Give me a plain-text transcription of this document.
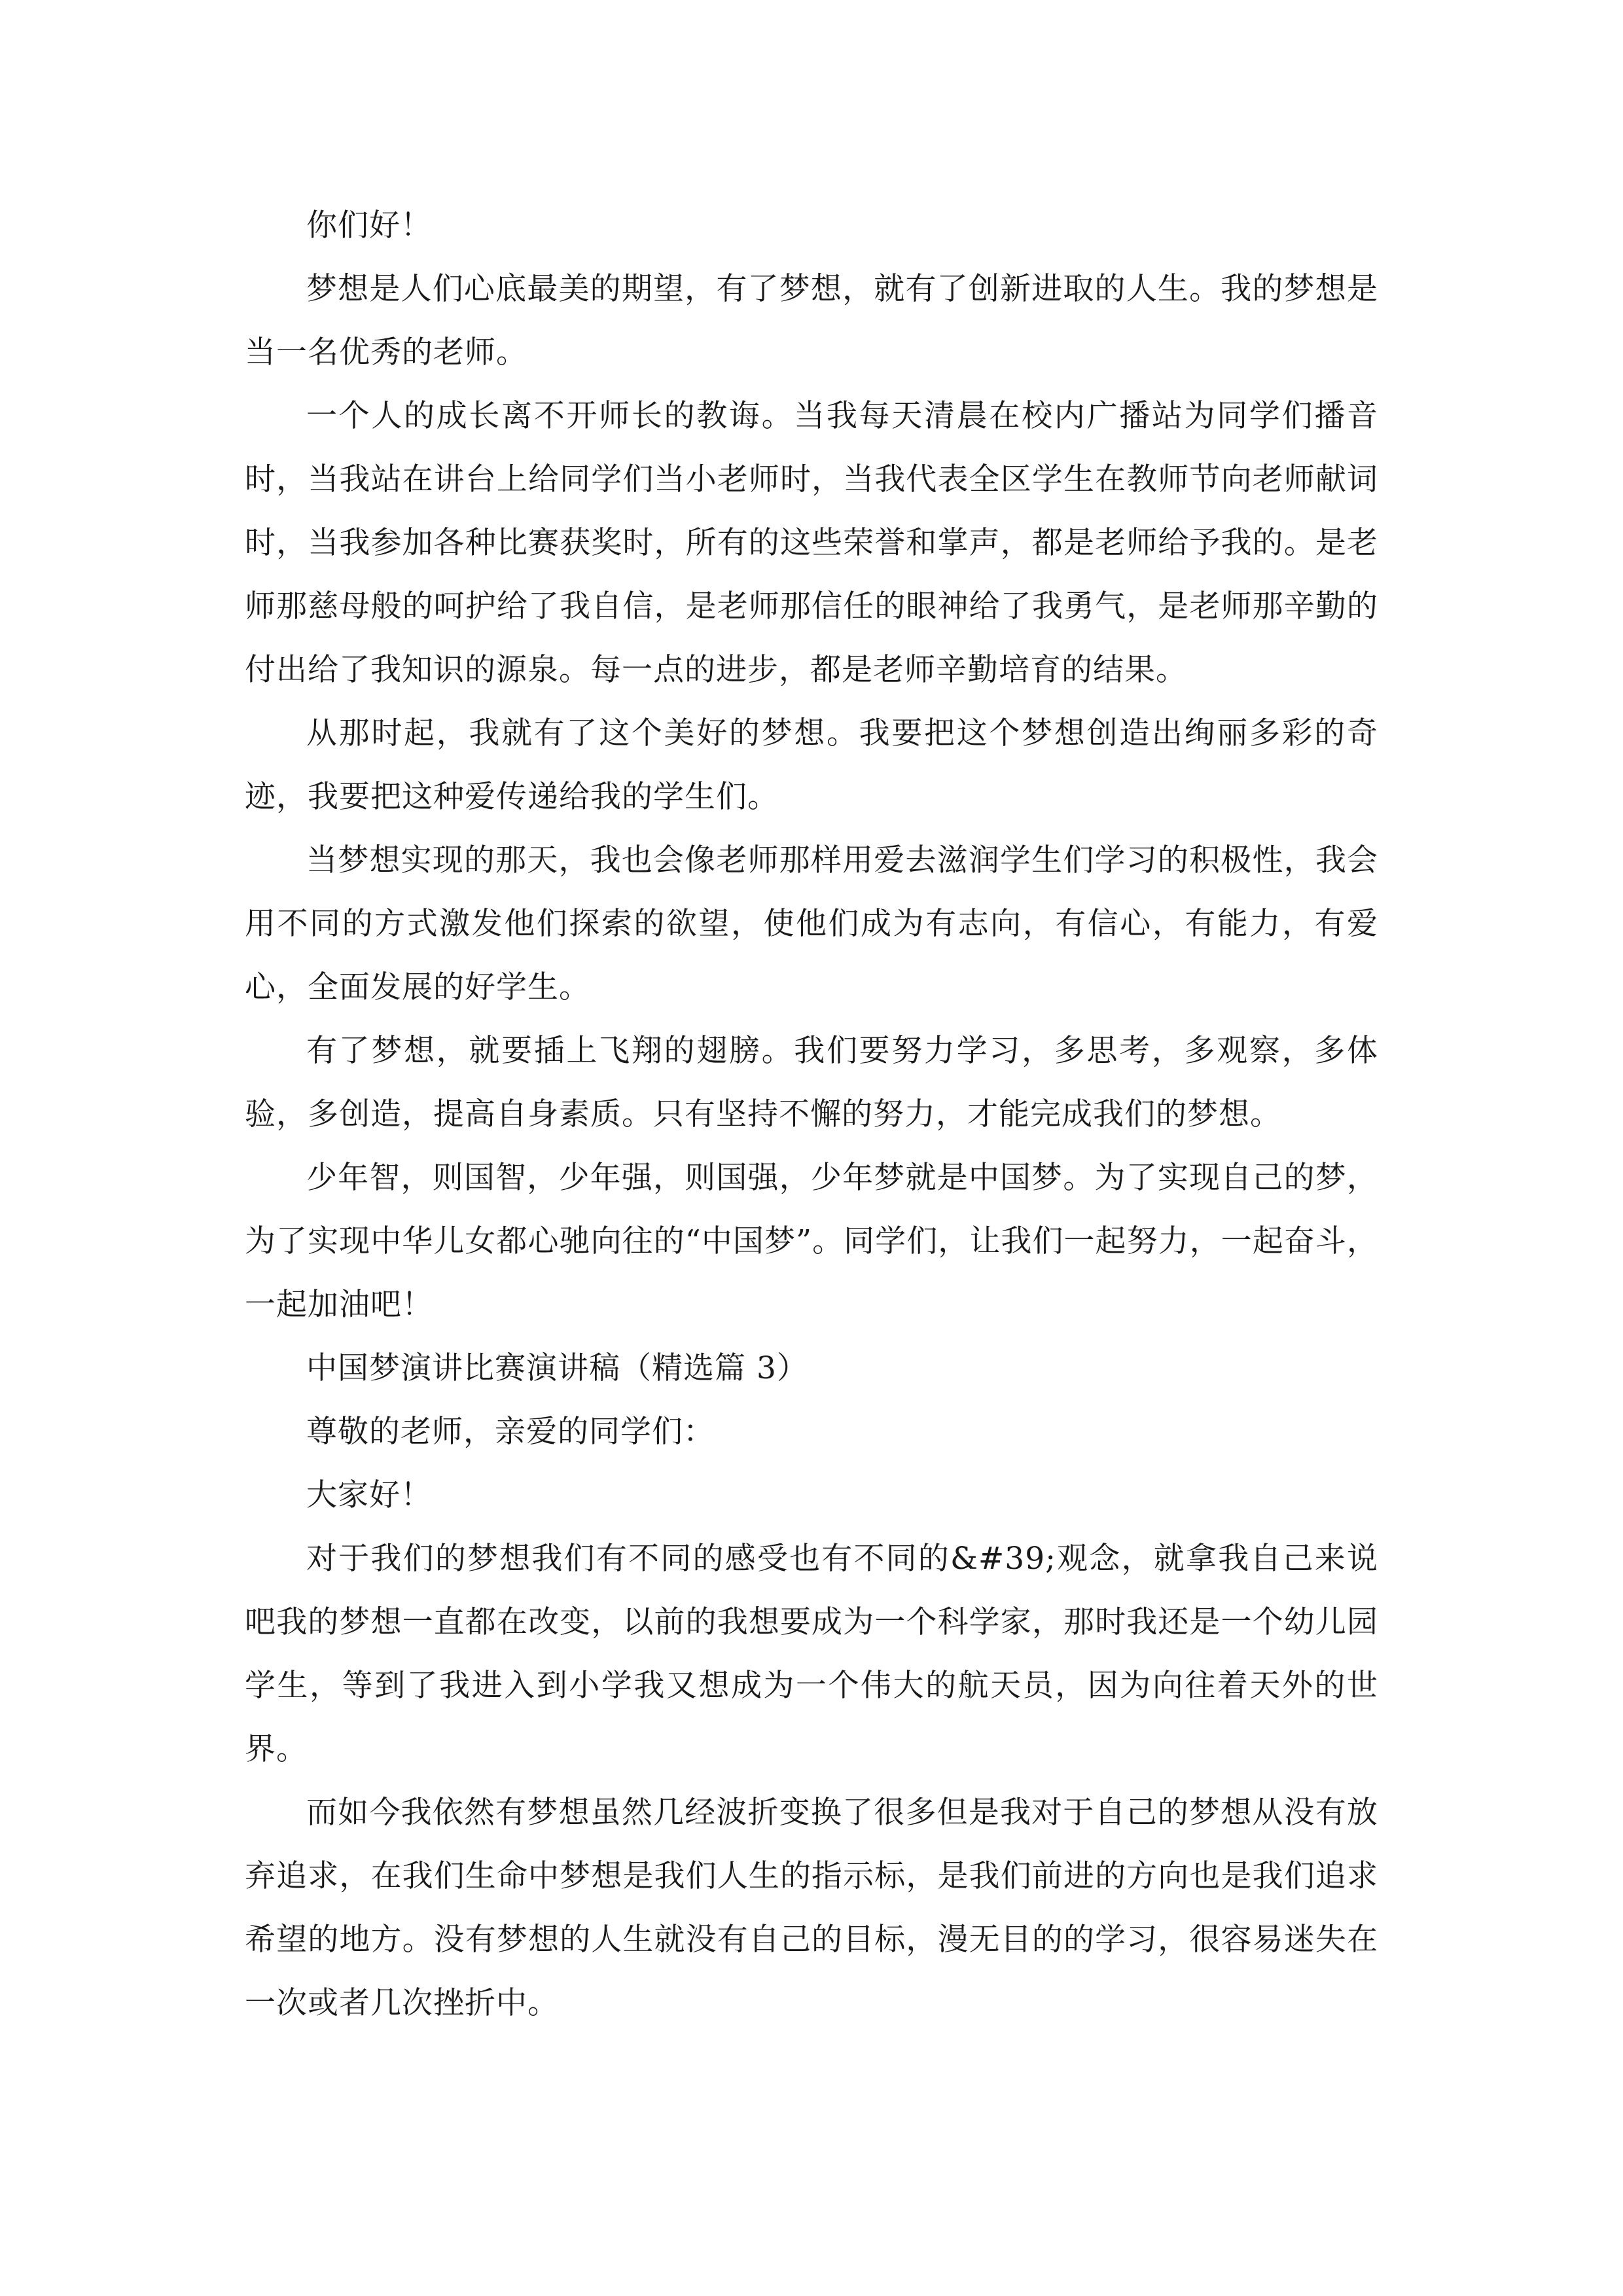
你们好！

梦想是人们心底最美的期望，有了梦想，就有了创新进取的人生。我的梦想是当一名优秀的老师。

一个人的成长离不开师长的教诲。当我每天清晨在校内广播站为同学们播音时，当我站在讲台上给同学们当小老师时，当我代表全区学生在教师节向老师献词时，当我参加各种比赛获奖时，所有的这些荣誉和掌声，都是老师给予我的。是老师那慈母般的呵护给了我自信，是老师那信任的眼神给了我勇气，是老师那辛勤的付出给了我知识的源泉。每一点的进步，都是老师辛勤培育的结果。

从那时起，我就有了这个美好的梦想。我要把这个梦想创造出绚丽多彩的奇迹，我要把这种爱传递给我的学生们。

当梦想实现的那天，我也会像老师那样用爱去滋润学生们学习的积极性，我会用不同的方式激发他们探索的欲望，使他们成为有志向，有信心，有能力，有爱心，全面发展的好学生。

有了梦想，就要插上飞翔的翅膀。我们要努力学习，多思考，多观察，多体验，多创造，提高自身素质。只有坚持不懈的努力，才能完成我们的梦想。

少年智，则国智，少年强，则国强，少年梦就是中国梦。为了实现自己的梦，为了实现中华儿女都心驰向往的“中国梦”。同学们，让我们一起努力，一起奋斗，一起加油吧！

中国梦演讲比赛演讲稿（精选篇 3）

尊敬的老师，亲爱的同学们：

大家好！

对于我们的梦想我们有不同的感受也有不同的&#39;观念，就拿我自己来说吧我的梦想一直都在改变，以前的我想要成为一个科学家，那时我还是一个幼儿园学生，等到了我进入到小学我又想成为一个伟大的航天员，因为向往着天外的世界。

而如今我依然有梦想虽然几经波折变换了很多但是我对于自己的梦想从没有放弃追求，在我们生命中梦想是我们人生的指示标，是我们前进的方向也是我们追求希望的地方。没有梦想的人生就没有自己的目标，漫无目的的学习，很容易迷失在一次或者几次挫折中。
